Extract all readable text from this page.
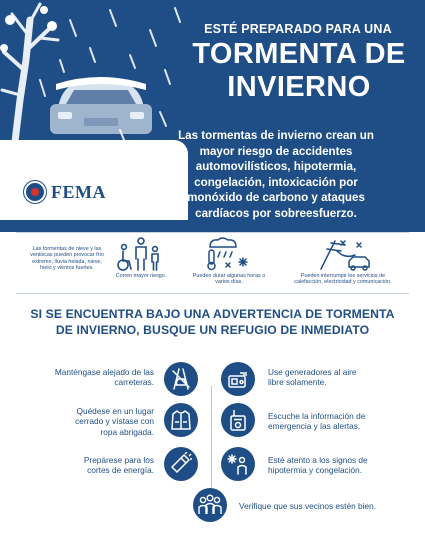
ESTÉ PREPARADO PARA UNA
TORMENTA DE
INVIERNO
Las tormentas de invierno crean un mayor riesgo de accidentes automovilísticos, hipotermia, congelación, intoxicación por monóxido de carbono y ataques cardíacos por sobreesfuerzo.
FEMA
FEMA V-1014/Septiembre de 2017
Las tormentas de nieve y las ventiscas pueden provocar frío extremo, lluvia helada, nieve, hielo y vientos fuertes.
Corren mayor riesgo.	Pueden durar algunas horas o varios días.
Pueden interrumpir los servicios de calefacción, electricidad y comunicación.
SI SE ENCUENTRA BAJO UNA ADVERTENCIA DE TORMENTA DE INVIERNO, BUSQUE UN REFUGIO DE INMEDIATO
Manténgase alejado de las carreteras.
Use generadores al aire libre solamente.
Quédese en un lugar cerrado y vístase con ropa abrigada.
Escuche la información de emergencia y las alertas.
Prepárese para los cortes de energía.
Esté atento a los signos de hipotermia y congelación.
Verifique que sus vecinos estén bien.
